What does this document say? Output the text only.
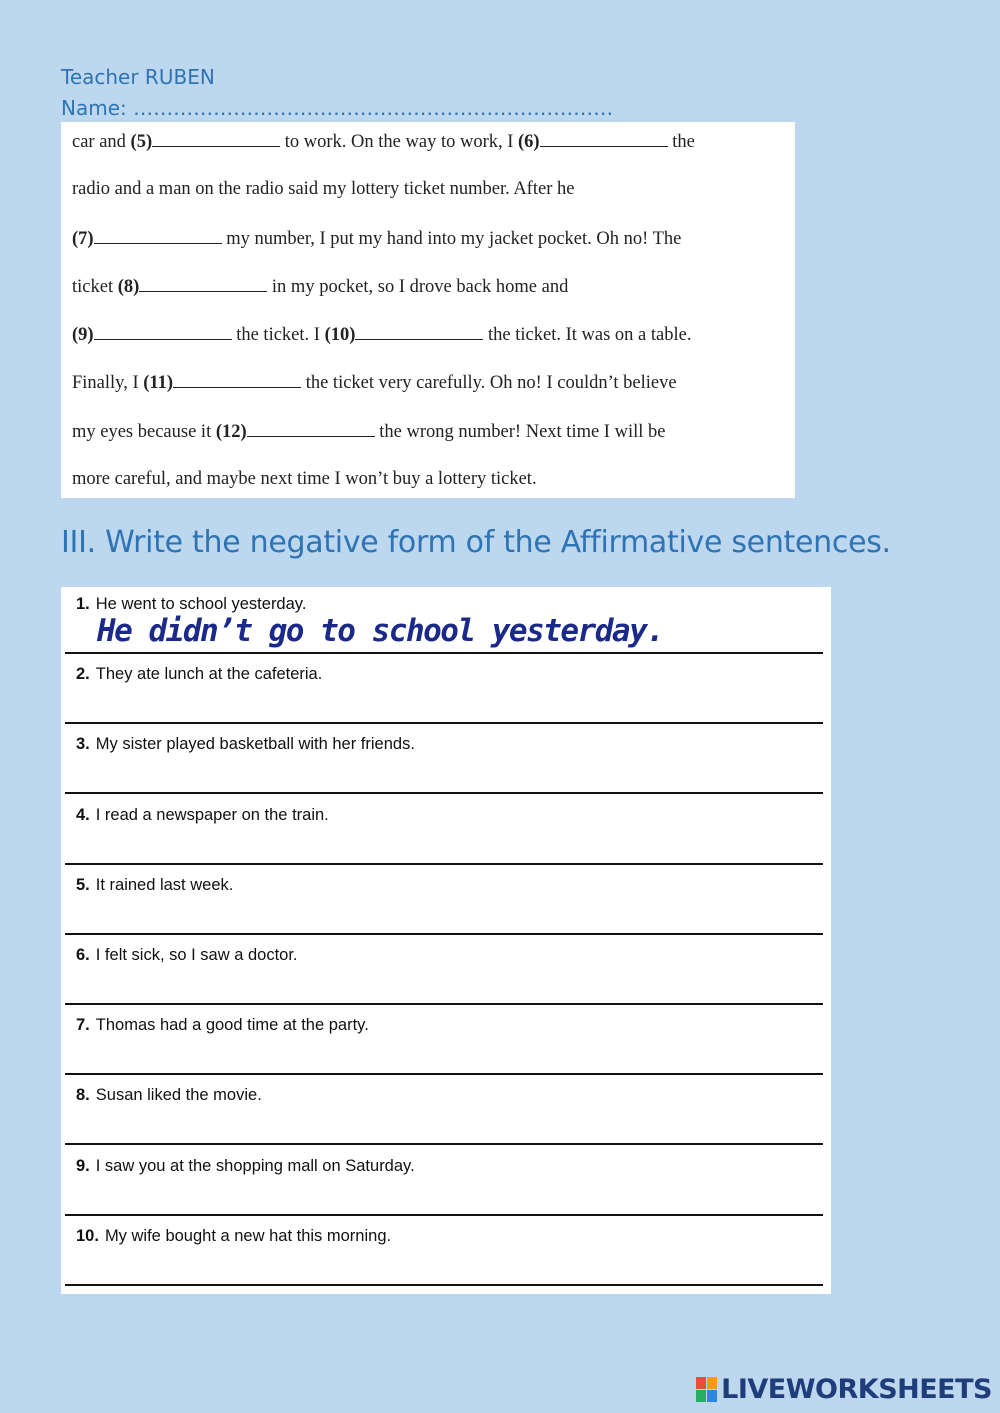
Teacher RUBEN
Name: ………………………………………………………………
car and (5)	to work. On the way to work, I (6)	the
radio and a man on the radio said my lottery ticket number. After he
(7)	my number, I put my hand into my jacket pocket. Oh no! The
ticket (8)	in my pocket, so I drove back home and
(9)	the ticket. I (10)	the ticket. It was on a table.
Finally, I (11)	the ticket very carefully. Oh no! I couldn’t believe
my eyes because it (12)	the wrong number! Next time I will be
more careful, and maybe next time I won’t buy a lottery ticket.
III. Write the negative form of the Affirmative sentences.
1. He went to school yesterday.
He didn’t go to school yesterday.
2. They ate lunch at the cafeteria.
3. My sister played basketball with her friends.
4. I read a newspaper on the train.
5. It rained last week.
6. I felt sick, so I saw a doctor.
7. Thomas had a good time at the party.
8. Susan liked the movie.
9. I saw you at the shopping mall on Saturday.
10. My wife bought a new hat this morning.
LIVEWORKSHEETS
